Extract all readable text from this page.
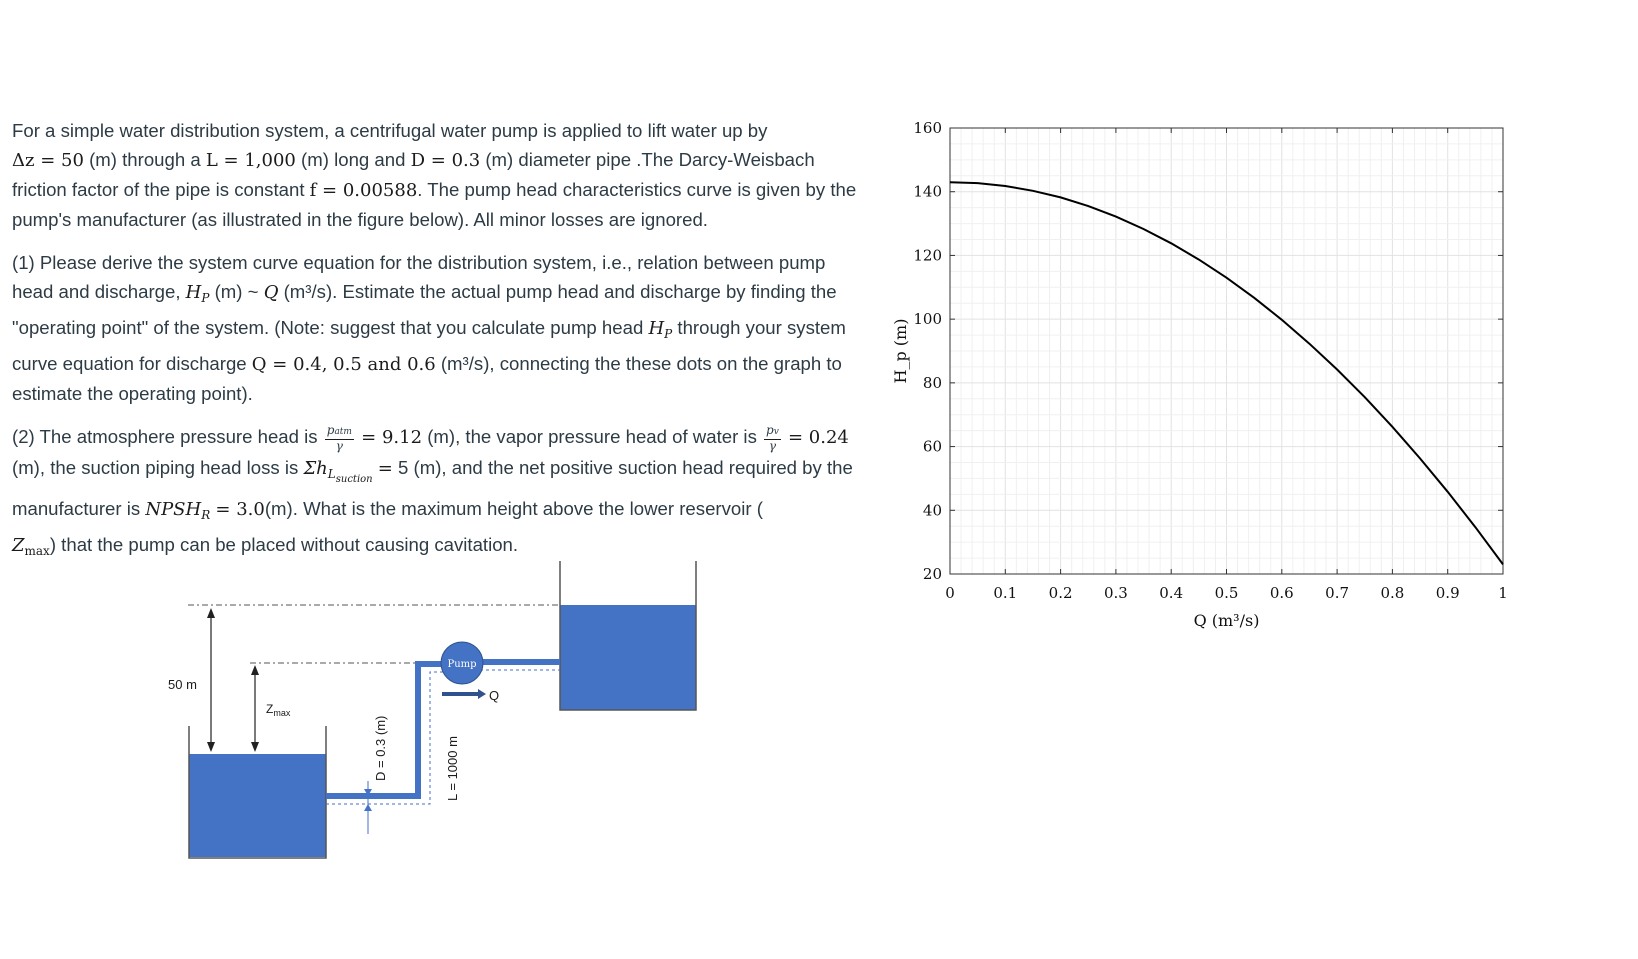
For a simple water distribution system, a centrifugal water pump is applied to lift water up by
Δz = 50 (m) through a L = 1,000 (m) long and D = 0.3 (m) diameter pipe .The Darcy-Weisbach friction factor of the pipe is constant f = 0.00588. The pump head characteristics curve is given by the pump's manufacturer (as illustrated in the figure below). All minor losses are ignored.

(1) Please derive the system curve equation for the distribution system, i.e., relation between pump head and discharge, $H_P$ (m) ~ Q (m³/s). Estimate the actual pump head and discharge by finding the "operating point" of the system. (Note: suggest that you calculate pump head $H_P$ through your system curve equation for discharge Q = 0.4, 0.5 and 0.6 (m³/s), connecting the these dots on the graph to estimate the operating point).

(2) The atmosphere pressure head is $\frac{\text{patm}}{\gamma} = 9.12$ (m), the vapor pressure head of water is $\frac{pv}{\gamma} = 0.24$
(m), the suction piping head loss is $\Sigma h_{Lsuction} = 5$ (m), and the net positive suction head required by the manufacturer is $NPSH_R = 3.0(m)$. What is the maximum height above the lower reservoir (
$Z_{max}$) that the pump can be placed without causing cavitation.

Pump
Q
50 m
$Z_{max}$
D = 0.3 (m)	L = 1000 m
0	0.1 0.2 0.3 0.4 0.5 0.6 0.7 0.8 0.9	1
20
40
60
80
100
120
140
160
Q (m³/s)
H_p (m)
